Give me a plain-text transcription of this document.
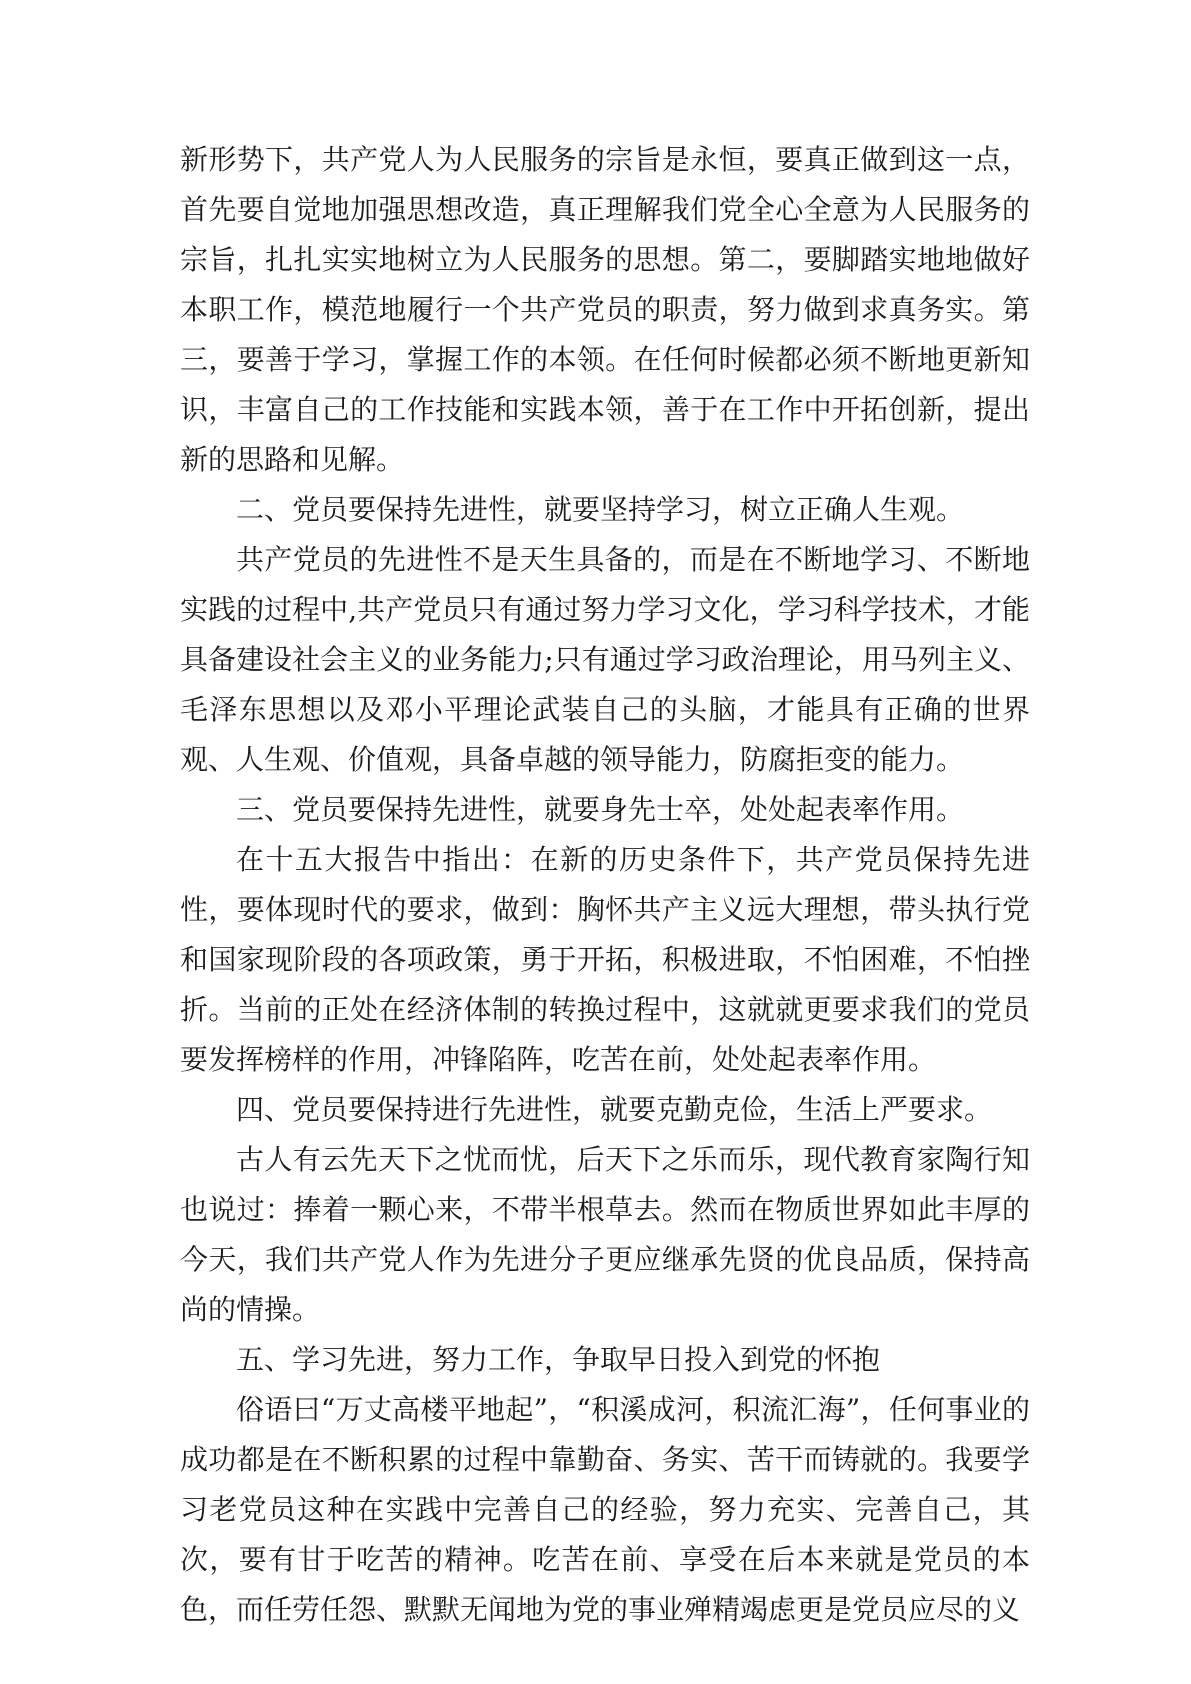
新形势下，共产党人为人民服务的宗旨是永恒，要真正做到这一点，首先要自觉地加强思想改造，真正理解我们党全心全意为人民服务的宗旨，扎扎实实地树立为人民服务的思想。第二，要脚踏实地地做好本职工作，模范地履行一个共产党员的职责，努力做到求真务实。第三，要善于学习，掌握工作的本领。在任何时候都必须不断地更新知识，丰富自己的工作技能和实践本领，善于在工作中开拓创新，提出新的思路和见解。

二、党员要保持先进性，就要坚持学习，树立正确人生观。

共产党员的先进性不是天生具备的，而是在不断地学习、不断地实践的过程中,共产党员只有通过努力学习文化，学习科学技术，才能具备建设社会主义的业务能力;只有通过学习政治理论，用马列主义、毛泽东思想以及邓小平理论武装自己的头脑，才能具有正确的世界观、人生观、价值观，具备卓越的领导能力，防腐拒变的能力。

三、党员要保持先进性，就要身先士卒，处处起表率作用。

在十五大报告中指出：在新的历史条件下，共产党员保持先进性，要体现时代的要求，做到：胸怀共产主义远大理想，带头执行党和国家现阶段的各项政策，勇于开拓，积极进取，不怕困难，不怕挫折。当前的正处在经济体制的转换过程中，这就就更要求我们的党员要发挥榜样的作用，冲锋陷阵，吃苦在前，处处起表率作用。

四、党员要保持进行先进性，就要克勤克俭，生活上严要求。

古人有云先天下之忧而忧，后天下之乐而乐，现代教育家陶行知也说过：捧着一颗心来，不带半根草去。然而在物质世界如此丰厚的今天，我们共产党人作为先进分子更应继承先贤的优良品质，保持高尚的情操。

五、学习先进，努力工作，争取早日投入到党的怀抱

俗语曰“万丈高楼平地起”，“积溪成河，积流汇海”，任何事业的成功都是在不断积累的过程中靠勤奋、务实、苦干而铸就的。我要学习老党员这种在实践中完善自己的经验，努力充实、完善自己，其次，要有甘于吃苦的精神。吃苦在前、享受在后本来就是党员的本色，而任劳任怨、默默无闻地为党的事业殚精竭虑更是党员应尽的义
